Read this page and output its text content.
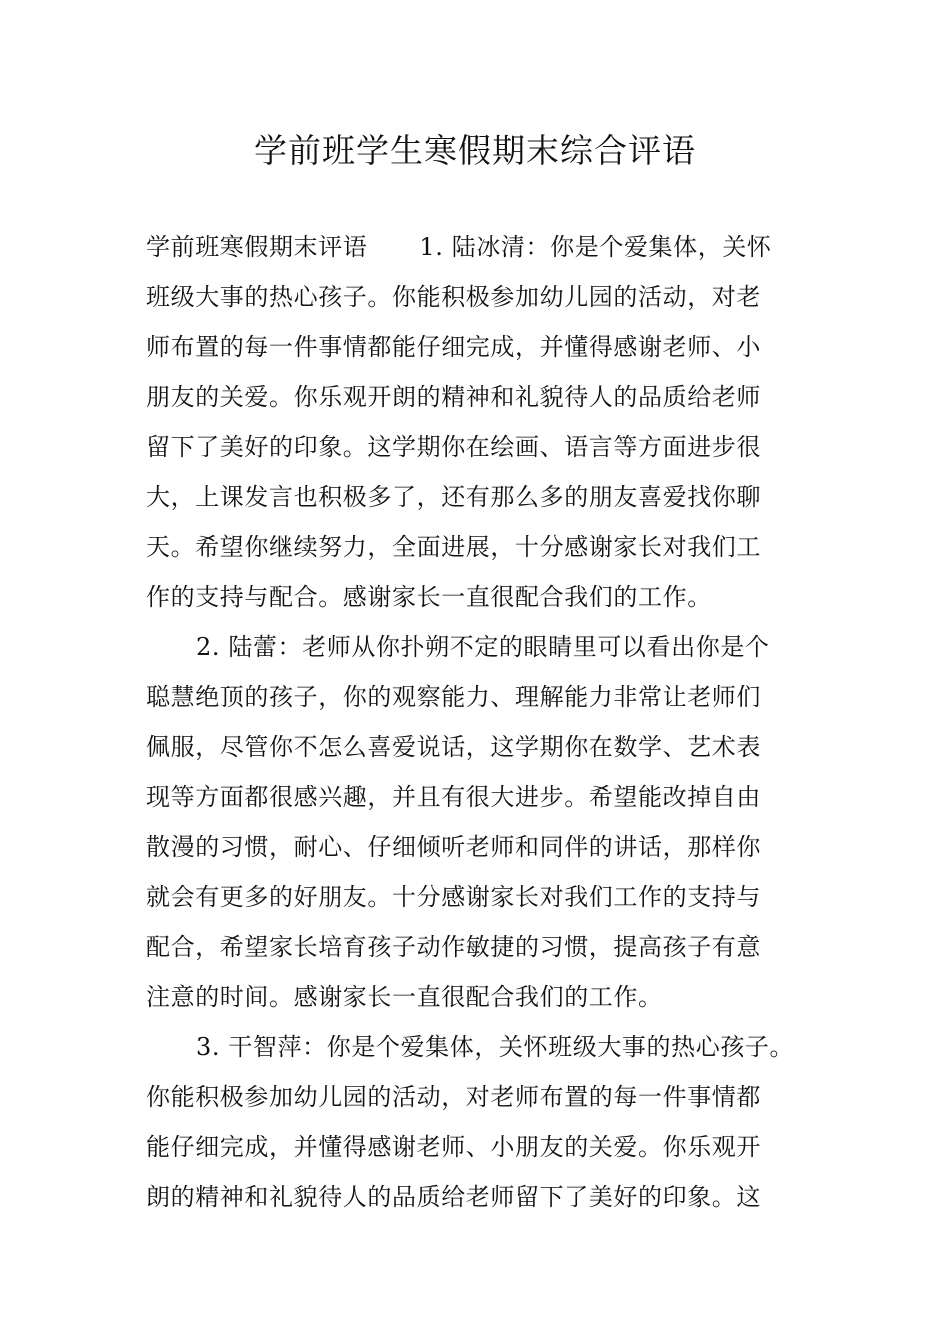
学前班学生寒假期末综合评语
学前班寒假期末评语 1. 陆冰清：你是个爱集体，关怀
班级大事的热心孩子。你能积极参加幼儿园的活动，对老
师布置的每一件事情都能仔细完成，并懂得感谢老师、小
朋友的关爱。你乐观开朗的精神和礼貌待人的品质给老师
留下了美好的印象。这学期你在绘画、语言等方面进步很
大，上课发言也积极多了，还有那么多的朋友喜爱找你聊
天。希望你继续努力，全面进展，十分感谢家长对我们工
作的支持与配合。感谢家长一直很配合我们的工作。
2. 陆蕾：老师从你扑朔不定的眼睛里可以看出你是个
聪慧绝顶的孩子，你的观察能力、理解能力非常让老师们
佩服，尽管你不怎么喜爱说话，这学期你在数学、艺术表
现等方面都很感兴趣，并且有很大进步。希望能改掉自由
散漫的习惯，耐心、仔细倾听老师和同伴的讲话，那样你
就会有更多的好朋友。十分感谢家长对我们工作的支持与
配合，希望家长培育孩子动作敏捷的习惯，提高孩子有意
注意的时间。感谢家长一直很配合我们的工作。
3. 干智萍：你是个爱集体，关怀班级大事的热心孩子。
你能积极参加幼儿园的活动，对老师布置的每一件事情都
能仔细完成，并懂得感谢老师、小朋友的关爱。你乐观开
朗的精神和礼貌待人的品质给老师留下了美好的印象。这
